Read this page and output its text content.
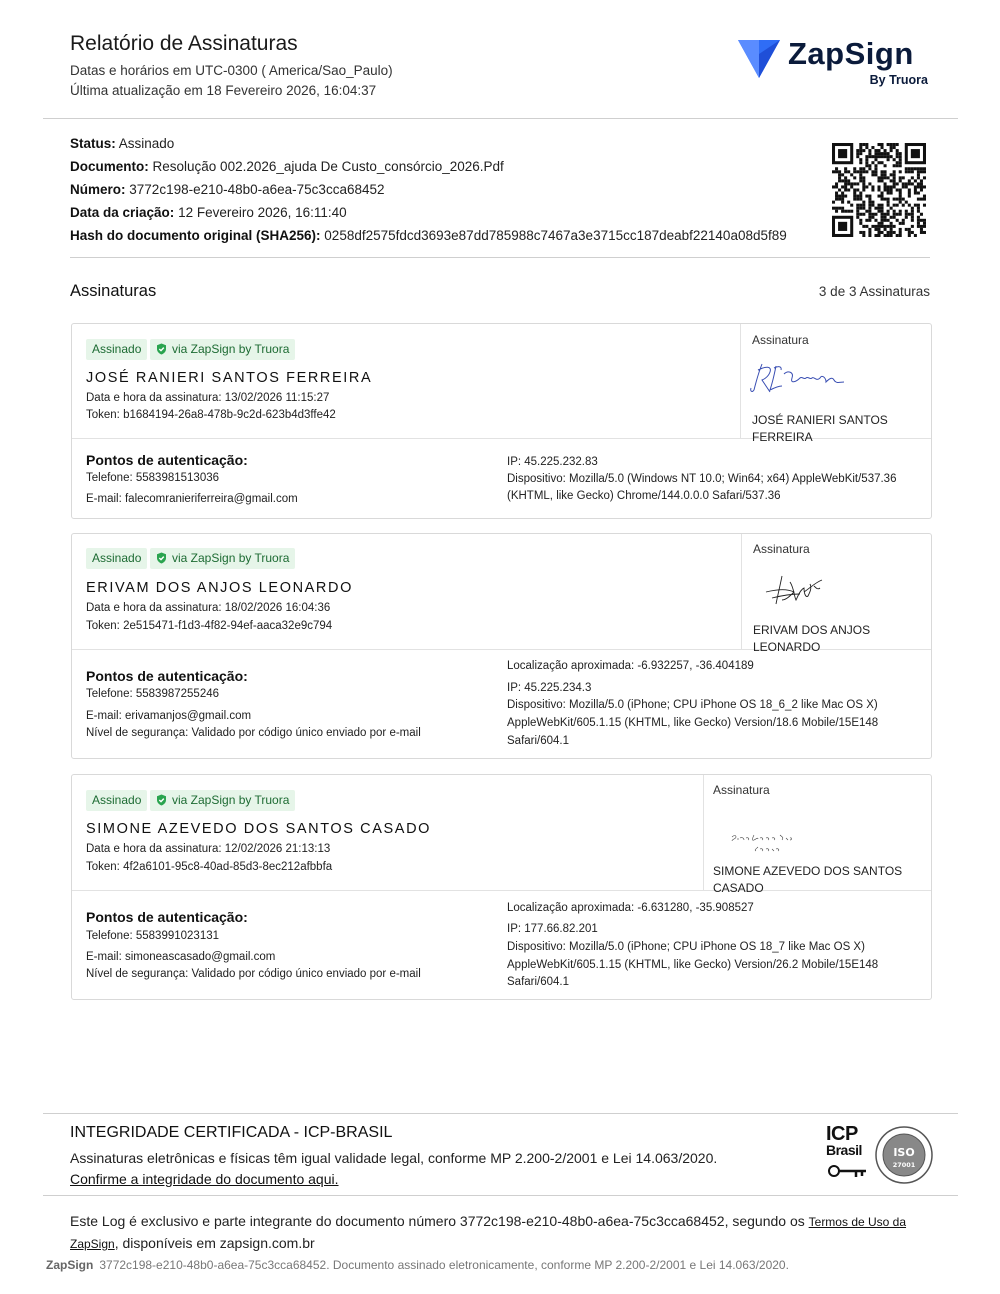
Relatório de Assinaturas
Datas e horários em UTC-0300 ( America/Sao_Paulo)
Última atualização em 18 Fevereiro 2026, 16:04:37
ZapSign
By Truora
Status: Assinado
Documento: Resolução 002.2026_ajuda De Custo_consórcio_2026.Pdf
Número: 3772c198-e210-48b0-a6ea-75c3cca68452
Data da criação: 12 Fevereiro 2026, 16:11:40
Hash do documento original (SHA256): 0258df2575fdcd3693e87dd785988c7467a3e3715cc187deabf22140a08d5f89
Assinaturas	3 de 3 Assinaturas
Assinado	via ZapSign by Truora
JOSÉ RANIERI SANTOS FERREIRA
Data e hora da assinatura: 13/02/2026 11:15:27
Token: b1684194-26a8-478b-9c2d-623b4d3ffe42
Assinatura
JOSÉ RANIERI SANTOS FERREIRA
Pontos de autenticação:
Telefone: 5583981513036
E-mail: falecomranieriferreira@gmail.com
IP: 45.225.232.83
Dispositivo: Mozilla/5.0 (Windows NT 10.0; Win64; x64) AppleWebKit/537.36
(KHTML, like Gecko) Chrome/144.0.0.0 Safari/537.36
Assinado	via ZapSign by Truora
ERIVAM DOS ANJOS LEONARDO
Data e hora da assinatura: 18/02/2026 16:04:36
Token: 2e515471-f1d3-4f82-94ef-aaca32e9c794
Assinatura
ERIVAM DOS ANJOS LEONARDO
Pontos de autenticação:
Telefone: 5583987255246
E-mail: erivamanjos@gmail.com
Nível de segurança: Validado por código único enviado por e-mail
Localização aproximada: -6.932257, -36.404189
IP: 45.225.234.3
Dispositivo: Mozilla/5.0 (iPhone; CPU iPhone OS 18_6_2 like Mac OS X)
AppleWebKit/605.1.15 (KHTML, like Gecko) Version/18.6 Mobile/15E148
Safari/604.1
Assinado	via ZapSign by Truora
SIMONE AZEVEDO DOS SANTOS CASADO
Data e hora da assinatura: 12/02/2026 21:13:13
Token: 4f2a6101-95c8-40ad-85d3-8ec212afbbfa
Assinatura
SIMONE AZEVEDO DOS SANTOS
CASADO
Pontos de autenticação:
Telefone: 5583991023131
E-mail: simoneascasado@gmail.com
Nível de segurança: Validado por código único enviado por e-mail
Localização aproximada: -6.631280, -35.908527
IP: 177.66.82.201
Dispositivo: Mozilla/5.0 (iPhone; CPU iPhone OS 18_7 like Mac OS X)
AppleWebKit/605.1.15 (KHTML, like Gecko) Version/26.2 Mobile/15E148
Safari/604.1
INTEGRIDADE CERTIFICADA - ICP-BRASIL
Assinaturas eletrônicas e físicas têm igual validade legal, conforme MP 2.200-2/2001 e Lei 14.063/2020.
Confirme a integridade do documento aqui.
ICP
Brasil	ISO
27001
Este Log é exclusivo e parte integrante do documento número 3772c198-e210-48b0-a6ea-75c3cca68452, segundo os Termos de Uso da ZapSign, disponíveis em zapsign.com.br
ZapSign 3772c198-e210-48b0-a6ea-75c3cca68452. Documento assinado eletronicamente, conforme MP 2.200-2/2001 e Lei 14.063/2020.
